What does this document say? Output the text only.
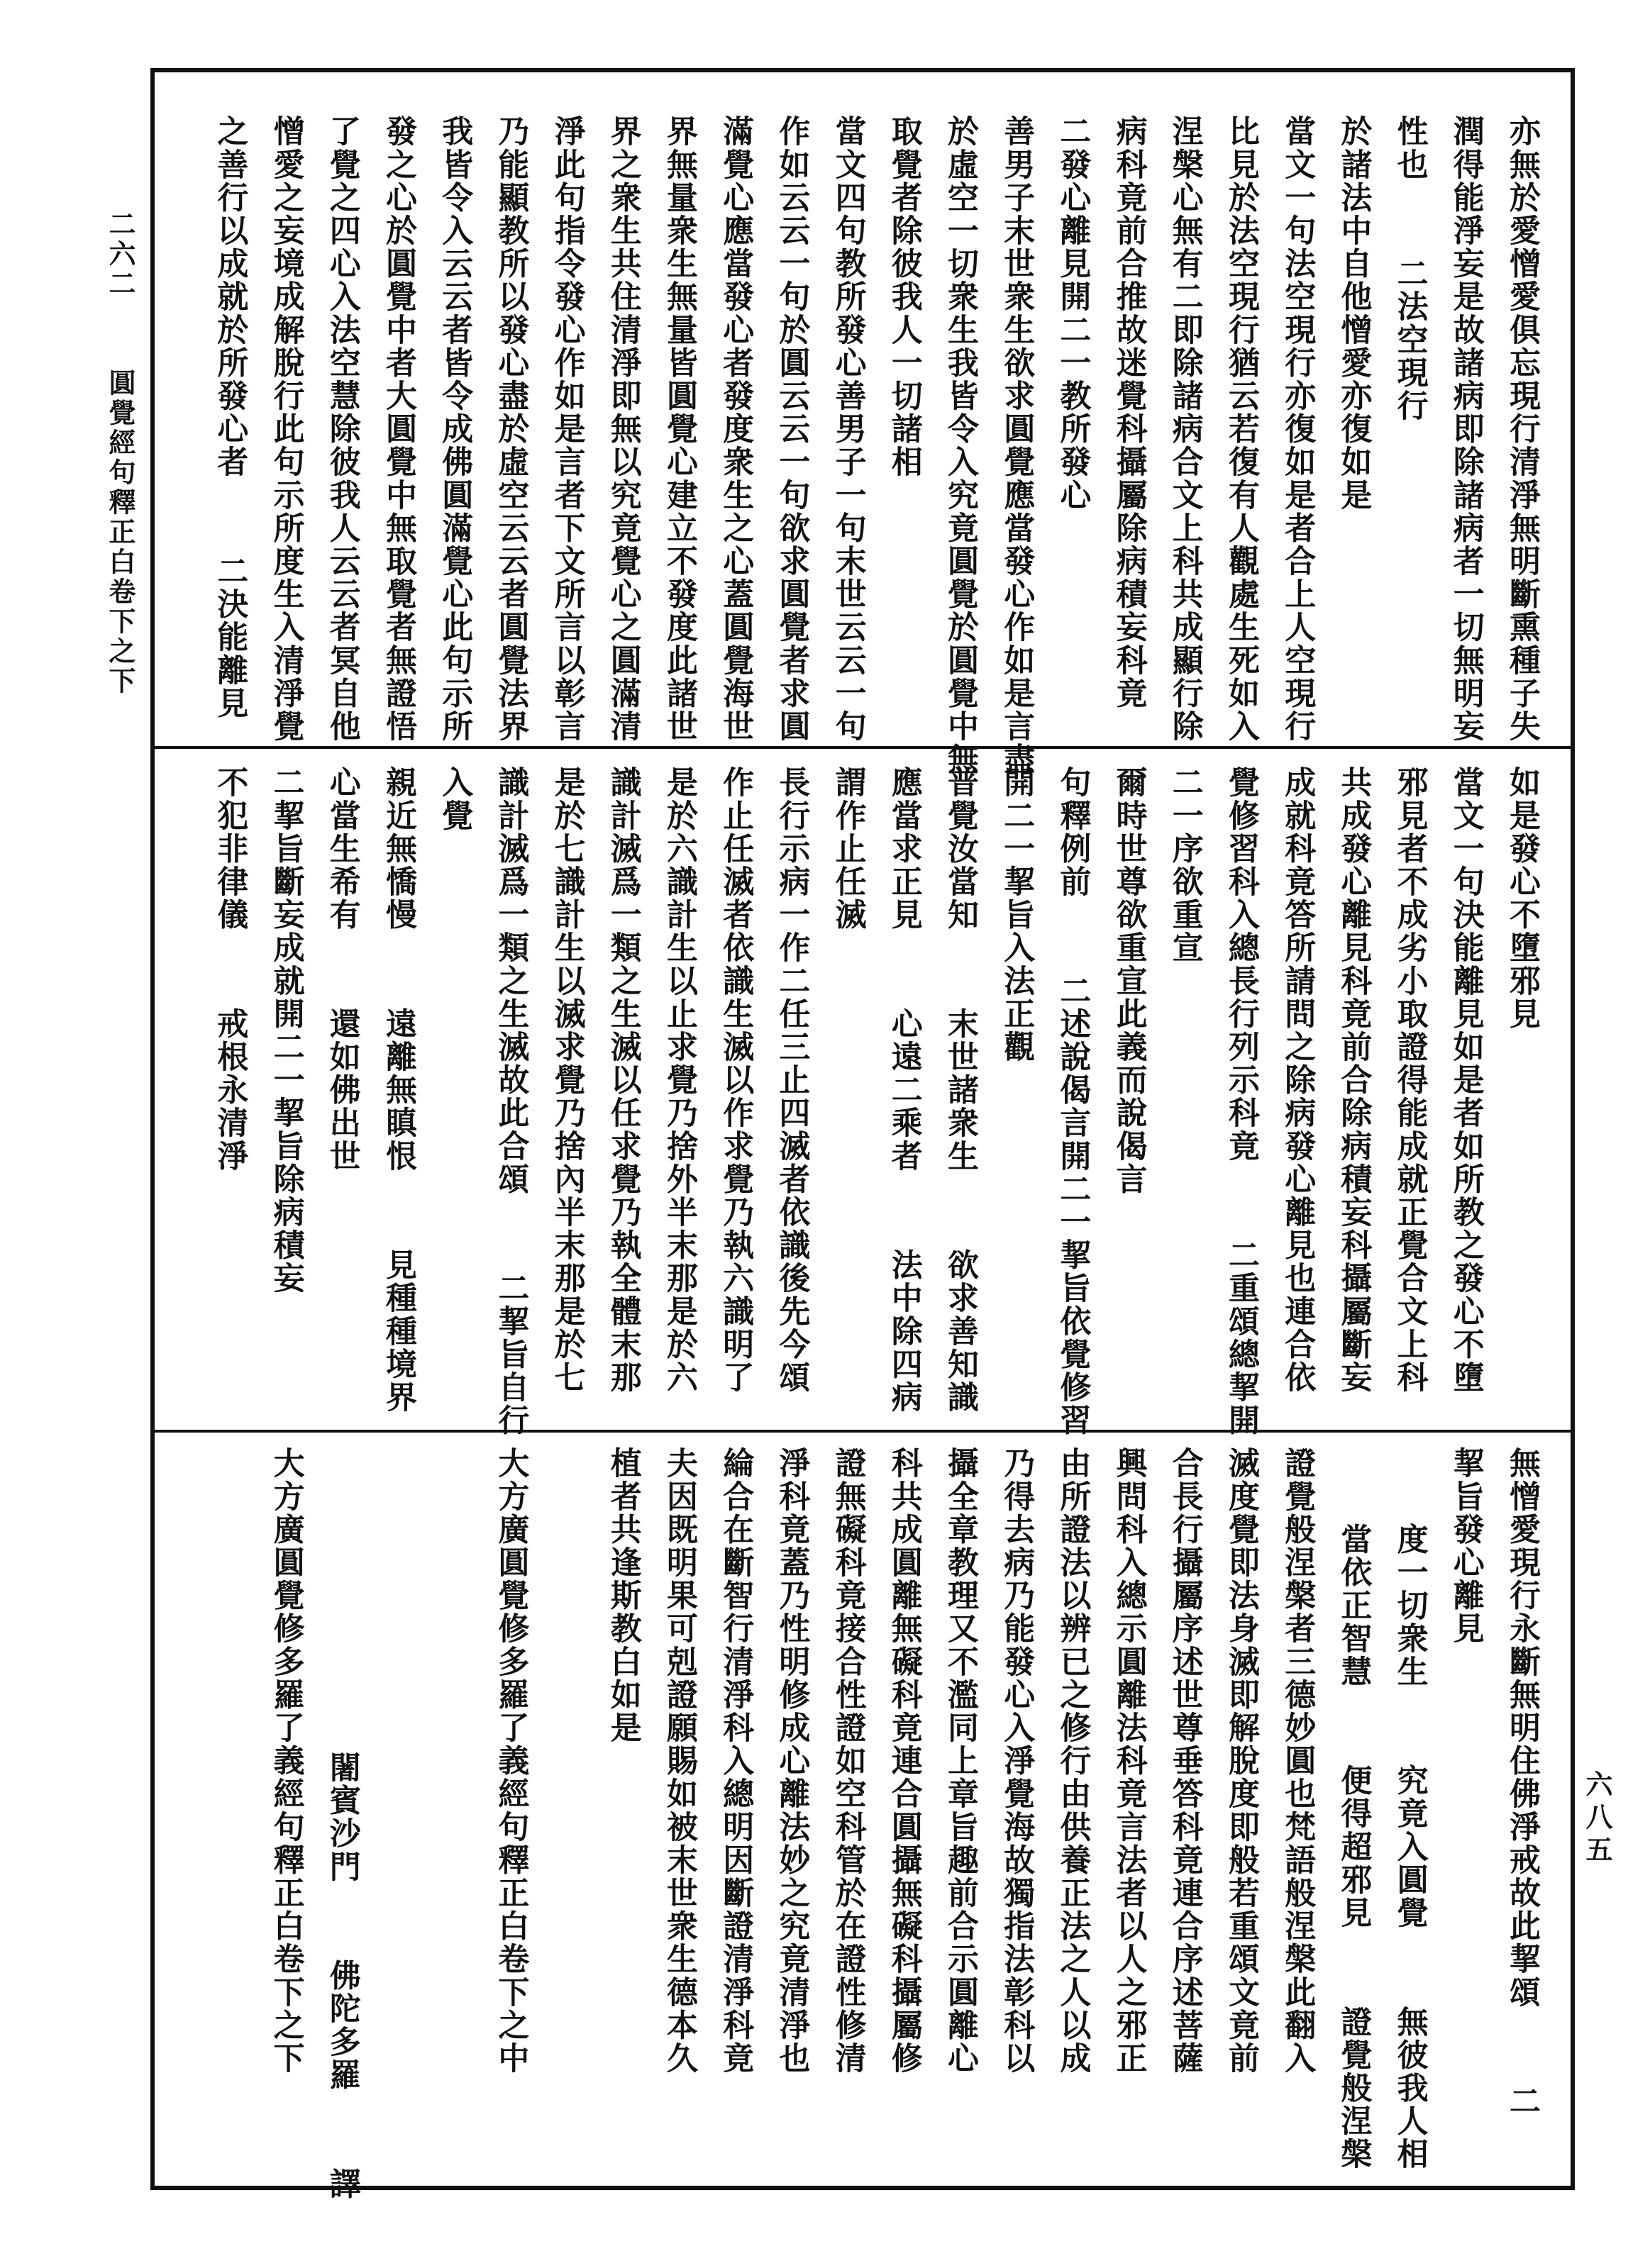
二六二  圓覺經句釋正白卷下之下
六八五
亦無於愛憎愛俱忘現行清淨無明斷熏種子失
潤得能淨妄是故諸病即除諸病者一切無明妄
性也  二法空現行
於諸法中自他憎愛亦復如是
當文一句法空現行亦復如是者合上人空現行
比見於法空現行猶云若復有人觀處生死如入
涅槃心無有二即除諸病合文上科共成顯行除
病科竟前合推故迷覺科攝屬除病積妄科竟
二發心離見開二一教所發心
善男子末世衆生欲求圓覺應當發心作如是言盡
於虛空一切衆生我皆令入究竟圓覺於圓覺中無
取覺者除彼我人一切諸相
當文四句教所發心善男子一句末世云云一句
作如云云一句於圓云云一句欲求圓覺者求圓
滿覺心應當發心者發度衆生之心蓋圓覺海世
界無量衆生無量皆圓覺心建立不發度此諸世
界之衆生共住清淨即無以究竟覺心之圓滿清
淨此句指令發心作如是言者下文所言以彰言
乃能顯教所以發心盡於虛空云云者圓覺法界
我皆令入云云者皆令成佛圓滿覺心此句示所
發之心於圓覺中者大圓覺中無取覺者無證悟
了覺之四心入法空慧除彼我人云云者冥自他
憎愛之妄境成解脫行此句示所度生入清淨覺
之善行以成就於所發心者  二決能離見
如是發心不墮邪見
當文一句決能離見如是者如所教之發心不墮
邪見者不成劣小取證得能成就正覺合文上科
共成發心離見科竟前合除病積妄科攝屬斷妄
成就科竟答所請問之除病發心離見也連合依
覺修習科入總長行列示科竟  二重頌總挈開
二一序欲重宣
爾時世尊欲重宣此義而說偈言
句釋例前  二述說偈言開二一挈旨依覺修習
開二一挈旨入法正觀
普覺汝當知  末世諸衆生  欲求善知識
應當求正見  心遠二乘者  法中除四病
謂作止任滅
長行示病一作二任三止四滅者依識後先今頌
作止任滅者依識生滅以作求覺乃執六識明了
是於六識計生以止求覺乃捨外半末那是於六
識計滅爲一類之生滅以任求覺乃執全體末那
是於七識計生以滅求覺乃捨內半末那是於七
識計滅爲一類之生滅故此合頌  二挈旨自行
入覺
親近無憍慢  遠離無瞋恨  見種種境界
心當生希有  還如佛出世
二挈旨斷妄成就開二一挈旨除病積妄
不犯非律儀  戒根永清淨
無憎愛現行永斷無明住佛淨戒故此挈頌  二
挈旨發心離見
度一切衆生  究竟入圓覺  無彼我人相
當依正智慧  便得超邪見  證覺般涅槃
證覺般涅槃者三德妙圓也梵語般涅槃此翻入
滅度覺即法身滅即解脫度即般若重頌文竟前
合長行攝屬序述世尊垂答科竟連合序述菩薩
興問科入總示圓離法科竟言法者以人之邪正
由所證法以辨已之修行由供養正法之人以成
乃得去病乃能發心入淨覺海故獨指法彰科以
攝全章教理又不濫同上章旨趣前合示圓離心
科共成圓離無礙科竟連合圓攝無礙科攝屬修
證無礙科竟接合性證如空科管於在證性修清
淨科竟蓋乃性明修成心離法妙之究竟清淨也
綸合在斷智行清淨科入總明因斷證清淨科竟
夫因既明果可剋證願賜如被末世衆生德本久
植者共逢斯教白如是
大方廣圓覺修多羅了義經句釋正白卷下之中
闍賓沙門  佛陀多羅  譯
大方廣圓覺修多羅了義經句釋正白卷下之下
